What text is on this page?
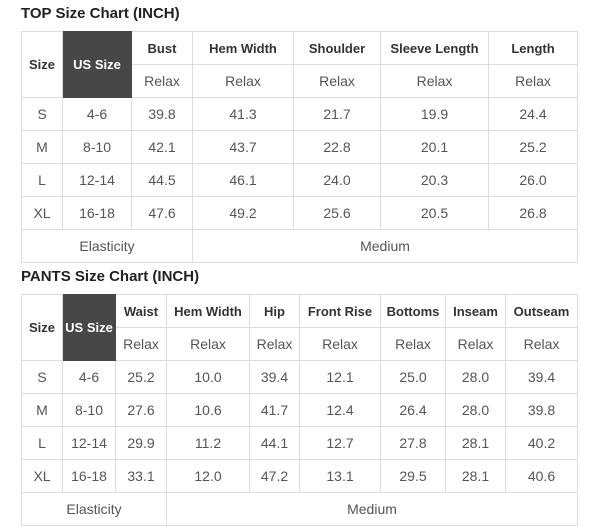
TOP Size Chart (INCH)
Size	US Size	Bust	Hem Width	Shoulder	Sleeve Length	Length
		Relax	Relax	Relax	Relax	Relax
S	4-6	39.8	41.3	21.7	19.9	24.4
M	8-10	42.1	43.7	22.8	20.1	25.2
L	12-14	44.5	46.1	24.0	20.3	26.0
XL	16-18	47.6	49.2	25.6	20.5	26.8
Elasticity			Medium			
PANTS Size Chart (INCH)
Size	US Size	Waist	Hem Width	Hip	Front Rise	Bottoms	Inseam	Outseam
		Relax	Relax	Relax	Relax	Relax	Relax	Relax
S	4-6	25.2	10.0	39.4	12.1	25.0	28.0	39.4
M	8-10	27.6	10.6	41.7	12.4	26.4	28.0	39.8
L	12-14	29.9	11.2	44.1	12.7	27.8	28.1	40.2
XL	16-18	33.1	12.0	47.2	13.1	29.5	28.1	40.6
Elasticity			Medium					
